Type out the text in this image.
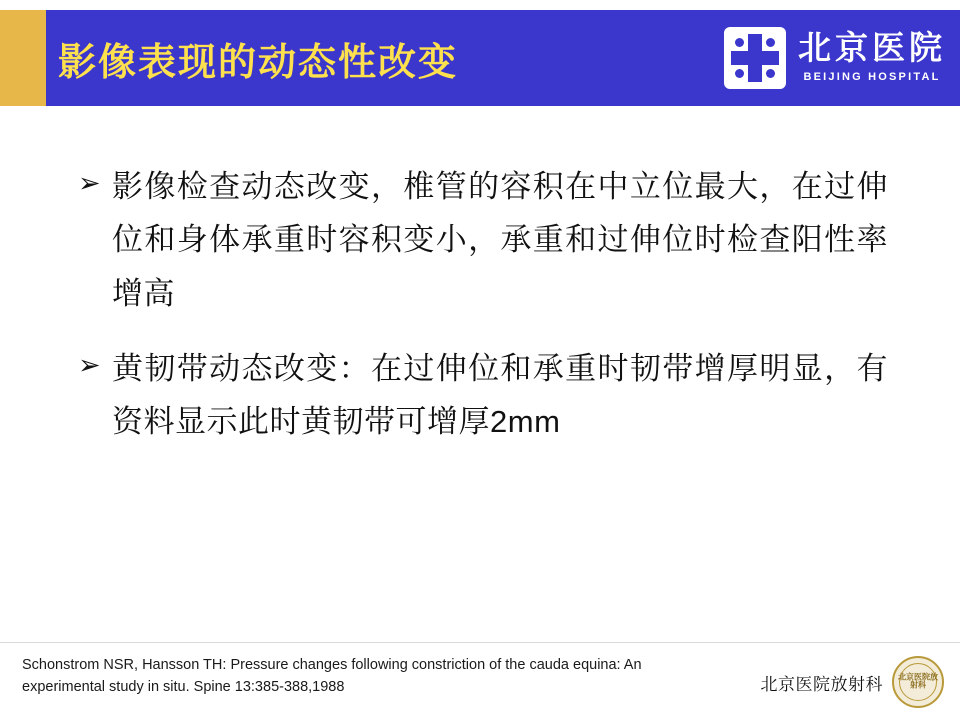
影像表现的动态性改变	北京医院
BEIJING HOSPITAL
➢ 影像检查动态改变，椎管的容积在中立位最大，在过伸位和身体承重时容积变小，承重和过伸位时检查阳性率增高
➢ 黄韧带动态改变：在过伸位和承重时韧带增厚明显，有资料显示此时黄韧带可增厚2mm
Schonstrom NSR, Hansson TH: Pressure changes following constriction of the cauda equina: An experimental study in situ. Spine 13:385-388,1988	北京医院放射科 北京医院放射科
